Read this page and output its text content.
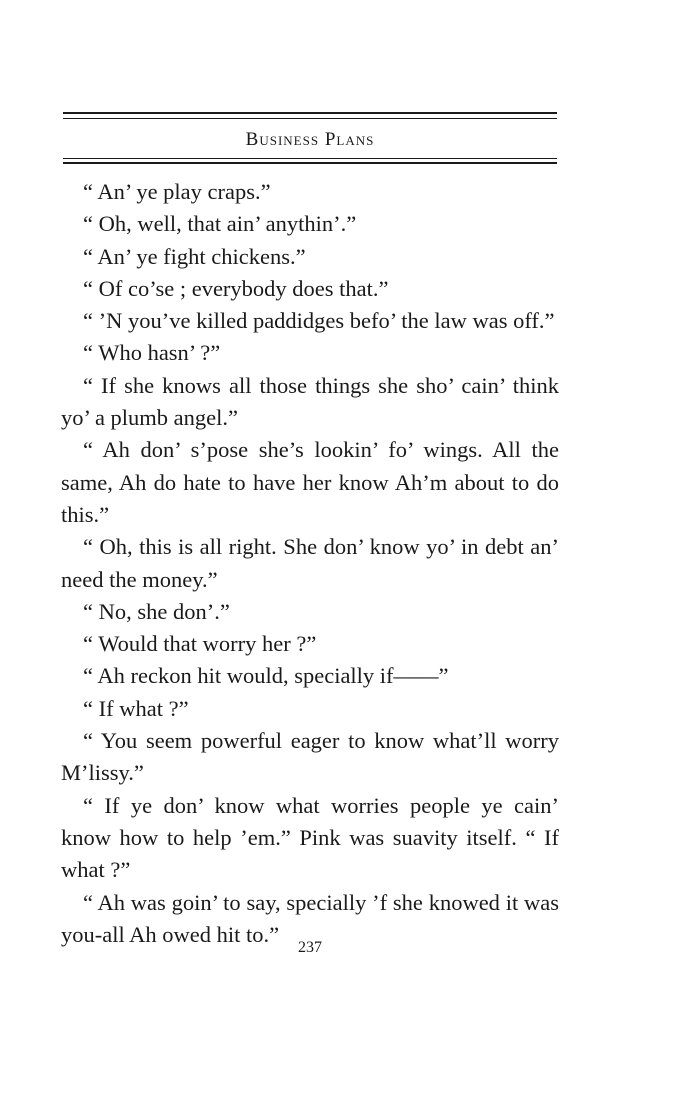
Business Plans

“ An’ ye play craps.”

“ Oh, well, that ain’ anythin’.”

“ An’ ye fight chickens.”

“ Of co’se ; everybody does that.”

“ ’N you’ve killed paddidges befo’ the law was off.”

“ Who hasn’ ?”

“ If she knows all those things she sho’ cain’ think yo’ a plumb angel.”

“ Ah don’ s’pose she’s lookin’ fo’ wings. All the same, Ah do hate to have her know Ah’m about to do this.”

“ Oh, this is all right. She don’ know yo’ in debt an’ need the money.”

“ No, she don’.”

“ Would that worry her ?”

“ Ah reckon hit would, specially if——”

“ If what ?”

“ You seem powerful eager to know what’ll worry M’lissy.”

“ If ye don’ know what worries people ye cain’ know how to help ’em.” Pink was suavity itself. “ If what ?”

“ Ah was goin’ to say, specially ’f she knowed it was you-all Ah owed hit to.”

237
